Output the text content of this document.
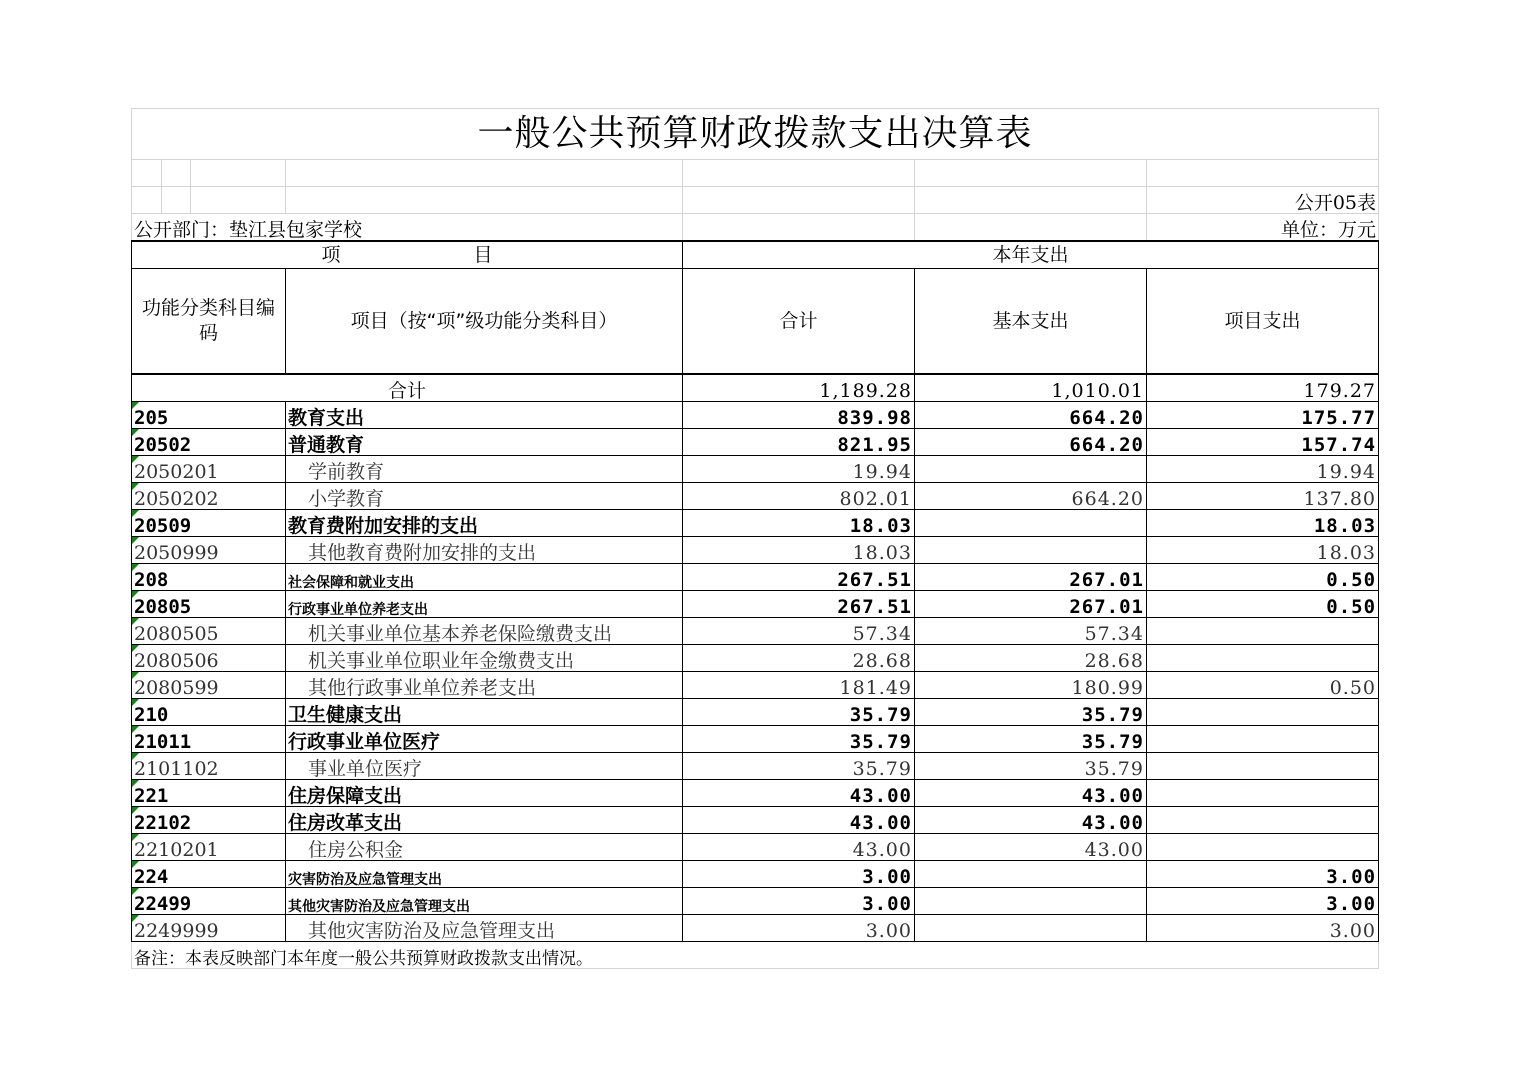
一般公共预算财政拨款支出决算表						

						公开05表
公开部门：垫江县包家学校						单位：万元
项　　　　　　　目				本年支出		
功能分类科目编码			项目（按“项”级功能分类科目）	合计	基本支出	项目支出
合计				1,189.28	1,010.01	179.27

205			教育支出	839.98	664.20	175.77

20502			普通教育	821.95	664.20	157.74

2050201			学前教育	19.94		19.94

2050202			小学教育	802.01	664.20	137.80

20509			教育费附加安排的支出	18.03		18.03

2050999			其他教育费附加安排的支出	18.03		18.03

208			社会保障和就业支出	267.51	267.01	0.50

20805			行政事业单位养老支出	267.51	267.01	0.50

2080505			机关事业单位基本养老保险缴费支出	57.34	57.34	

2080506			机关事业单位职业年金缴费支出	28.68	28.68	

2080599			其他行政事业单位养老支出	181.49	180.99	0.50

210			卫生健康支出	35.79	35.79	

21011			行政事业单位医疗	35.79	35.79	

2101102			事业单位医疗	35.79	35.79	

221			住房保障支出	43.00	43.00	

22102			住房改革支出	43.00	43.00	

2210201			住房公积金	43.00	43.00	

224			灾害防治及应急管理支出	3.00		3.00

22499			其他灾害防治及应急管理支出	3.00		3.00

2249999			其他灾害防治及应急管理支出	3.00		3.00
备注：本表反映部门本年度一般公共预算财政拨款支出情况。						
